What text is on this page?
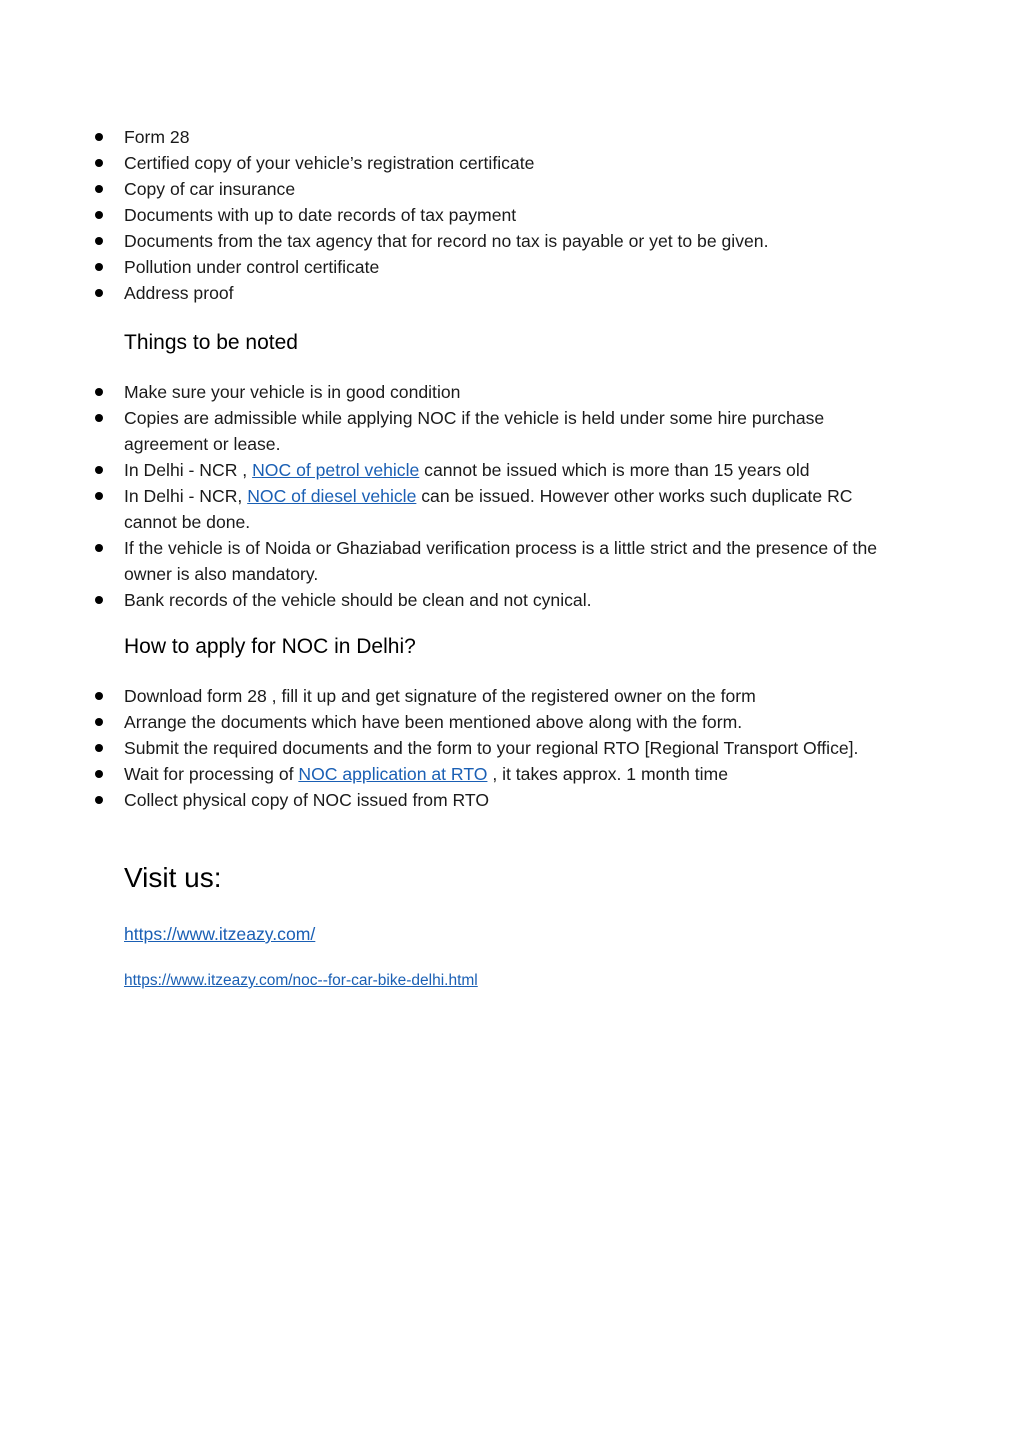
Form 28
Certified copy of your vehicle’s registration certificate
Copy of car insurance
Documents with up to date records of tax payment
Documents from the tax agency that for record no tax is payable or yet to be given.
Pollution under control certificate
Address proof
Things to be noted
Make sure your vehicle is in good condition
Copies are admissible while applying NOC if the vehicle is held under some hire purchase agreement or lease.
In Delhi - NCR , NOC of petrol vehicle cannot be issued which is more than 15 years old
In Delhi - NCR, NOC of diesel vehicle can be issued. However other works such duplicate RC cannot be done.
If the vehicle is of Noida or Ghaziabad verification process is a little strict and the presence of the owner is also mandatory.
Bank records of the vehicle should be clean and not cynical.
How to apply for NOC in Delhi?
Download form 28 , fill it up and get signature of the registered owner on the form
Arrange the documents which have been mentioned above along with the form.
Submit the required documents and the form to your regional RTO [Regional Transport Office].
Wait for processing of NOC application at RTO , it takes approx. 1 month time
Collect physical copy of NOC issued from RTO
Visit us:
https://www.itzeazy.com/
https://www.itzeazy.com/noc--for-car-bike-delhi.html
